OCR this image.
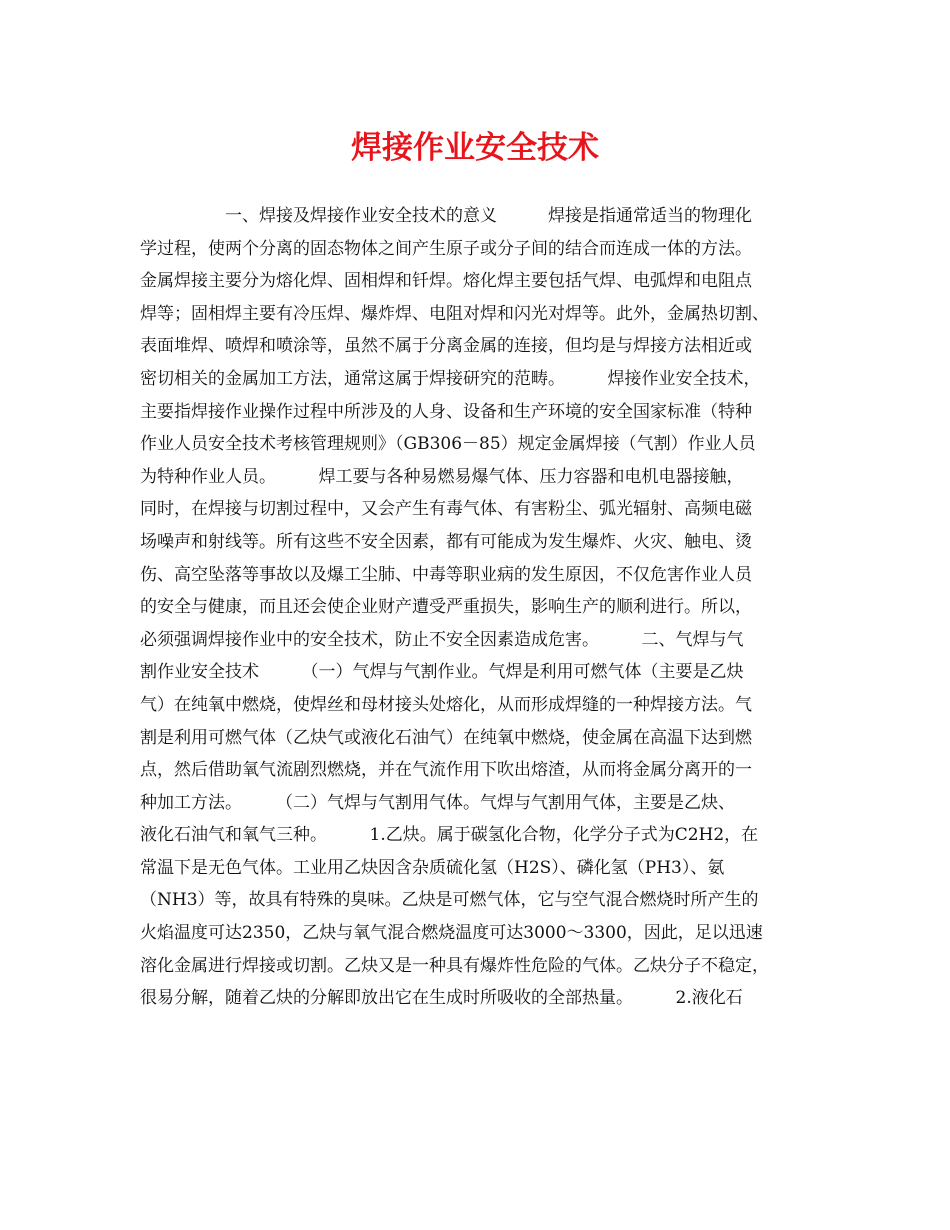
焊接作业安全技术
　　　　　一、焊接及焊接作业安全技术的意义　　　焊接是指通常适当的物理化
学过程，使两个分离的固态物体之间产生原子或分子间的结合而连成一体的方法。
金属焊接主要分为熔化焊、固相焊和钎焊。熔化焊主要包括气焊、电弧焊和电阻点
焊等；固相焊主要有冷压焊、爆炸焊、电阻对焊和闪光对焊等。此外，金属热切割、
表面堆焊、喷焊和喷涂等，虽然不属于分离金属的连接，但均是与焊接方法相近或
密切相关的金属加工方法，通常这属于焊接研究的范畴。　　　焊接作业安全技术，
主要指焊接作业操作过程中所涉及的人身、设备和生产环境的安全国家标准（特种
作业人员安全技术考核管理规则》（GB306－85）规定金属焊接（气割）作业人员
为特种作业人员。　　　焊工要与各种易燃易爆气体、压力容器和电机电器接触，
同时，在焊接与切割过程中，又会产生有毒气体、有害粉尘、弧光辐射、高频电磁
场噪声和射线等。所有这些不安全因素，都有可能成为发生爆炸、火灾、触电、烫
伤、高空坠落等事故以及爆工尘肺、中毒等职业病的发生原因，不仅危害作业人员
的安全与健康，而且还会使企业财产遭受严重损失，影响生产的顺利进行。所以，
必须强调焊接作业中的安全技术，防止不安全因素造成危害。　　　二、气焊与气
割作业安全技术　　　（一）气焊与气割作业。气焊是利用可燃气体（主要是乙炔
气）在纯氧中燃烧，使焊丝和母材接头处熔化，从而形成焊缝的一种焊接方法。气
割是利用可燃气体（乙炔气或液化石油气）在纯氧中燃烧，使金属在高温下达到燃
点，然后借助氧气流剧烈燃烧，并在气流作用下吹出熔渣，从而将金属分离开的一
种加工方法。　　　（二）气焊与气割用气体。气焊与气割用气体，主要是乙炔、
液化石油气和氧气三种。　　　1.乙炔。属于碳氢化合物，化学分子式为C2H2，在
常温下是无色气体。工业用乙炔因含杂质硫化氢（H2S）、磷化氢（PH3）、氨
（NH3）等，故具有特殊的臭味。乙炔是可燃气体，它与空气混合燃烧时所产生的
火焰温度可达2350，乙炔与氧气混合燃烧温度可达3000～3300，因此，足以迅速
溶化金属进行焊接或切割。乙炔又是一种具有爆炸性危险的气体。乙炔分子不稳定，
很易分解，随着乙炔的分解即放出它在生成时所吸收的全部热量。　　　2.液化石
